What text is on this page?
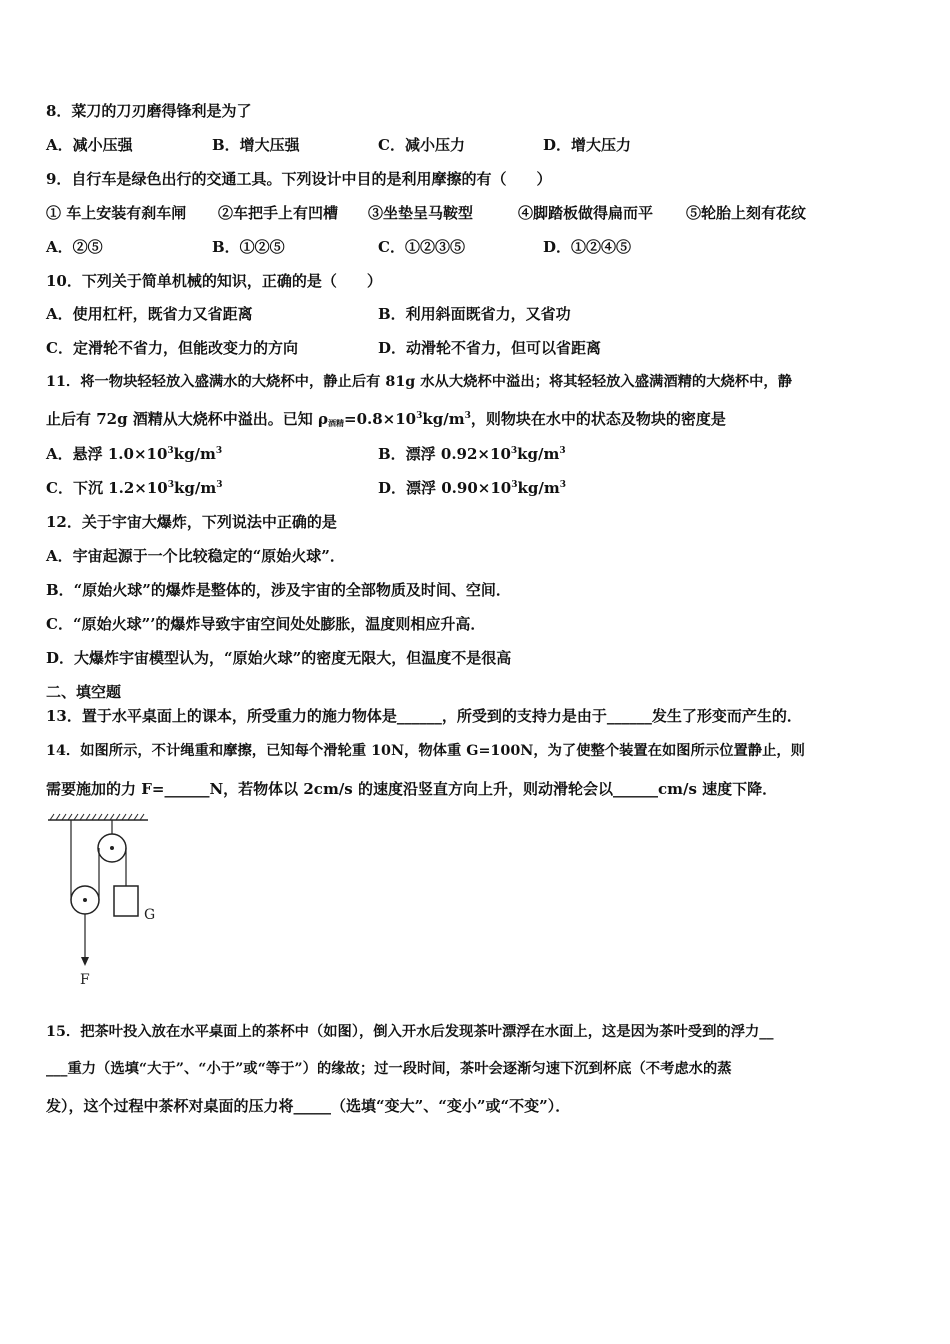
8．菜刀的刀刃磨得锋利是为了
A．减小压强	B．增大压强	C．减小压力	D．增大压力
9．自行车是绿色出行的交通工具。下列设计中目的是利用摩擦的有（　　）
① 车上安装有刹车闸 ②车把手上有凹槽 ③坐垫呈马鞍型	④脚踏板做得扁而平 ⑤轮胎上刻有花纹
A．②⑤	B．①②⑤	C．①②③⑤	D．①②④⑤
10．下列关于简单机械的知识，正确的是（　　）
A．使用杠杆，既省力又省距离	B．利用斜面既省力，又省功
C．定滑轮不省力，但能改变力的方向	D．动滑轮不省力，但可以省距离
11．将一物块轻轻放入盛满水的大烧杯中，静止后有 81g 水从大烧杯中溢出；将其轻轻放入盛满酒精的大烧杯中，静
止后有 72g 酒精从大烧杯中溢出。已知 $\rho_{酒精}=0.8\times 10^3kg/m^3$，则物块在水中的状态及物块的密度是
A．悬浮 $1.0\times 10^3kg/m^3$	B．漂浮 $0.92\times 10^3kg/m^3$
C．下沉 $1.2\times 10^3kg/m^3$	D．漂浮 $0.90\times 10^3kg/m^3$
12．关于宇宙大爆炸，下列说法中正确的是
A．宇宙起源于一个比较稳定的“原始火球”．
B．“原始火球”的爆炸是整体的，涉及宇宙的全部物质及时间、空间．
C．“原始火球”’的爆炸导致宇宙空间处处膨胀，温度则相应升高．
D．大爆炸宇宙模型认为，“原始火球”的密度无限大，但温度不是很高
二、填空题
13．置于水平桌面上的课本，所受重力的施力物体是______，所受到的支持力是由于______发生了形变而产生的．
14．如图所示，不计绳重和摩擦，已知每个滑轮重 10N，物体重 G=100N，为了使整个装置在如图所示位置静止，则
需要施加的力 F=______N，若物体以 2cm/s 的速度沿竖直方向上升，则动滑轮会以______cm/s 速度下降．
G
F
15．把茶叶投入放在水平桌面上的茶杯中（如图），倒入开水后发现茶叶漂浮在水面上，这是因为茶叶受到的浮力__
___重力（选填“大于”、“小于”或“等于”）的缘故；过一段时间，茶叶会逐渐匀速下沉到杯底（不考虑水的蒸
发），这个过程中茶杯对桌面的压力将_____（选填“变大”、“变小”或“不变”）．
